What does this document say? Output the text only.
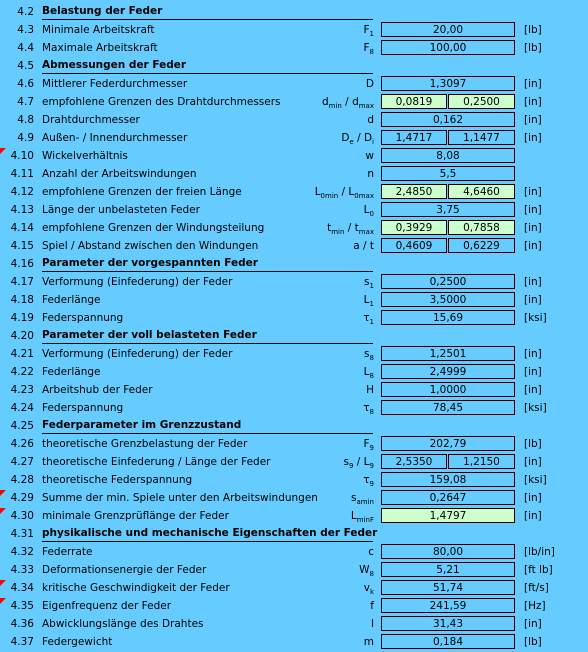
4.2 Belastung der Feder
4.3 Minimale Arbeitskraft	$F_1$	20,00	[lb]
4.4 Maximale Arbeitskraft	$F_8$	100,00	[lb]
4.5 Abmessungen der Feder
4.6 Mittlerer Federdurchmesser	D	1,3097	[in]
4.7 empfohlene Grenzen des Drahtdurchmessers	$d_{min} / d_{max}$	0,0819	0,2500	[in]
4.8 Drahtdurchmesser	d	0,162	[in]
4.9 Außen- / Innendurchmesser	$D_e / D_i$	1,4717	1,1477	[in]
4.10 Wickelverhältnis	w	8,08
4.11 Anzahl der Arbeitswindungen	n	5,5
4.12 empfohlene Grenzen der freien Länge	$L_{0min} / L_{0max}$	2,4850	4,6460	[in]
4.13 Länge der unbelasteten Feder	$L_0$	3,75	[in]
4.14 empfohlene Grenzen der Windungsteilung	$t_{min} / t_{max}$	0,3929	0,7858	[in]
4.15 Spiel / Abstand zwischen den Windungen	a / t	0,4609	0,6229	[in]
4.16 Parameter der vorgespannten Feder
4.17 Verformung (Einfederung) der Feder	$s_1$	0,2500	[in]
4.18 Federlänge	$L_1$	3,5000	[in]
4.19 Federspannung	$\tau_1$	15,69	[ksi]
4.20 Parameter der voll belasteten Feder
4.21 Verformung (Einfederung) der Feder	$s_8$	1,2501	[in]
4.22 Federlänge	$L_8$	2,4999	[in]
4.23 Arbeitshub der Feder	H	1,0000	[in]
4.24 Federspannung	$\tau_8$	78,45	[ksi]
4.25 Federparameter im Grenzzustand
4.26 theoretische Grenzbelastung der Feder	$F_9$	202,79	[lb]
4.27 theoretische Einfederung / Länge der Feder	$s_9 / L_9$	2,5350	1,2150	[in]
4.28 theoretische Federspannung	$\tau_9$	159,08	[ksi]
4.29 Summe der min. Spiele unter den Arbeitswindungen	$s_{amin}$	0,2647	[in]
4.30 minimale Grenzprüflänge der Feder	$L_{minF}$	1,4797	[in]
4.31 physikalische und mechanische Eigenschaften der Feder
4.32 Federrate	c	80,00	[lb/in]
4.33 Deformationsenergie der Feder	$W_8$	5,21	[ft lb]
4.34 kritische Geschwindigkeit der Feder	$v_k$	51,74	[ft/s]
4.35 Eigenfrequenz der Feder	f	241,59	[Hz]
4.36 Abwicklungslänge des Drahtes	l	31,43	[in]
4.37 Federgewicht	m	0,184	[lb]
